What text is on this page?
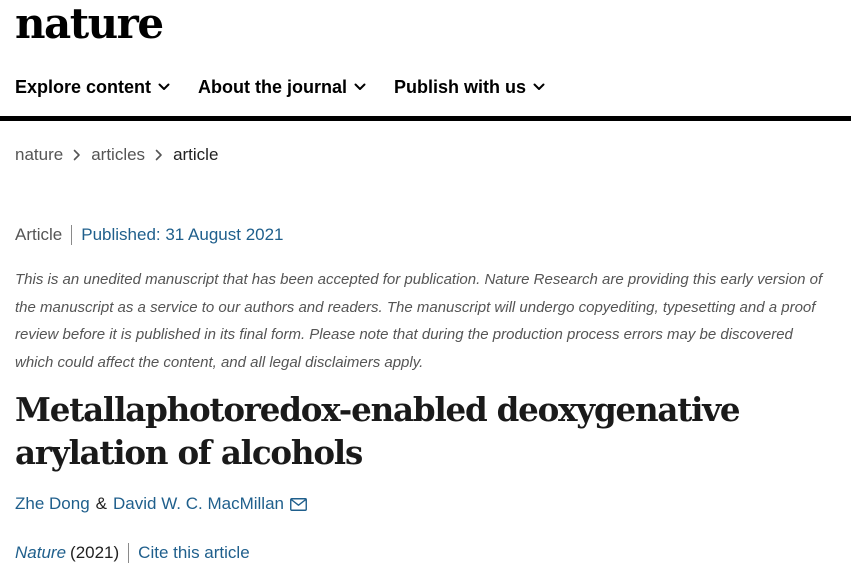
nature
Explore content	About the journal	Publish with us
nature articles article
Article Published: 31 August 2021

This is an unedited manuscript that has been accepted for publication. Nature Research are providing this early version of the manuscript as a service to our authors and readers. The manuscript will undergo copyediting, typesetting and a proof review before it is published in its final form. Please note that during the production process errors may be discovered which could affect the content, and all legal disclaimers apply.

Metallaphotoredox-enabled deoxygenative arylation of alcohols
Zhe Dong & David W. C. MacMillan
Nature (2021) Cite this article
